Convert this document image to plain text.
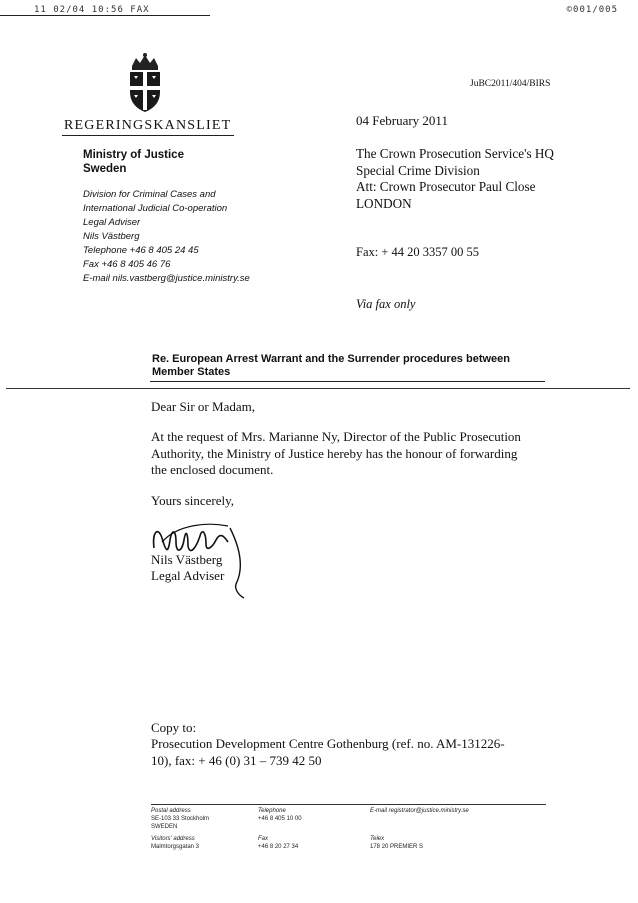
11 02/04 10:56 FAX	©001/005
REGERINGSKANSLIET
JuBC2011/404/BIRS
04 February 2011
Ministry of Justice
Sweden
Division for Criminal Cases and
International Judicial Co-operation
Legal Adviser
Nils Västberg
Telephone +46 8 405 24 45
Fax +46 8 405 46 76
E-mail nils.vastberg@justice.ministry.se
The Crown Prosecution Service's HQ
Special Crime Division
Att: Crown Prosecutor Paul Close
LONDON
Fax: + 44 20 3357 00 55
Via fax only
Re. European Arrest Warrant and the Surrender procedures between
Member States
Dear Sir or Madam,
At the request of Mrs. Marianne Ny, Director of the Public Prosecution
Authority, the Ministry of Justice hereby has the honour of forwarding
the enclosed document.
Yours sincerely,
Nils Västberg
Legal Adviser
Copy to:
Prosecution Development Centre Gothenburg (ref. no. AM-131226-
10), fax: + 46 (0) 31 – 739 42 50
Postal address
SE-103 33 Stockholm
SWEDEN
Visitors' address
Malmtorgsgatan 3
Telephone
+46 8 405 10 00
Fax
+46 8 20 27 34
E-mail registrator@justice.ministry.se
Telex
178 20 PREMIER S
